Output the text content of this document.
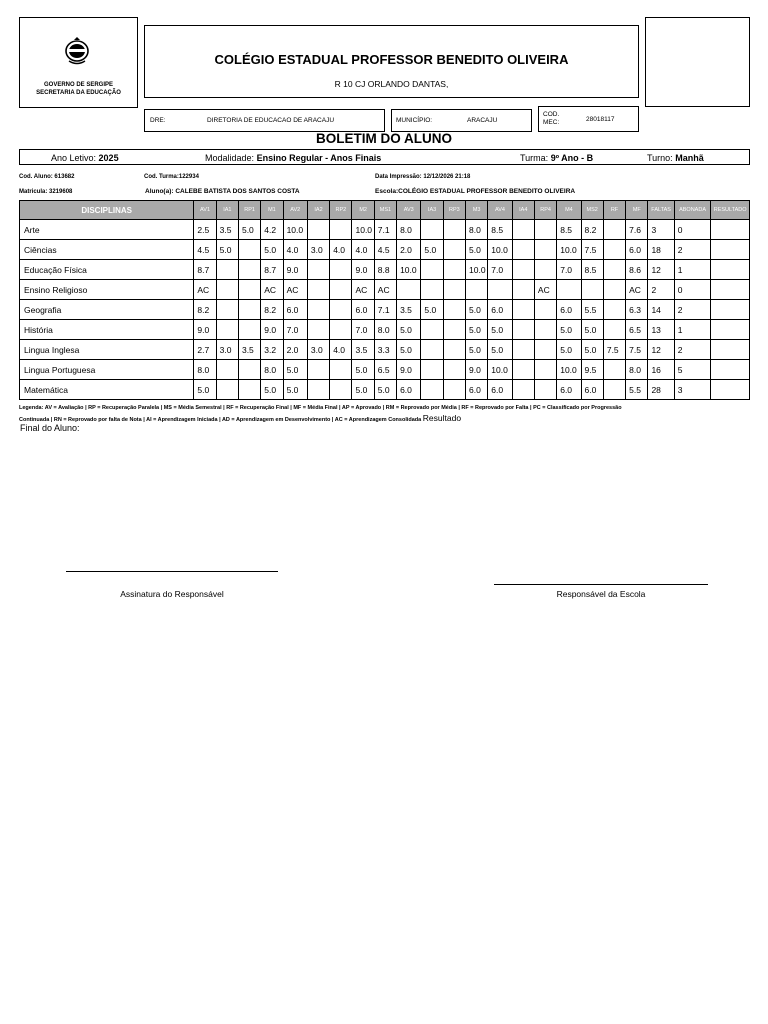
GOVERNO DE SERGIPE
SECRETARIA DA EDUCAÇÃO
COLÉGIO ESTADUAL PROFESSOR BENEDITO OLIVEIRA
R 10 CJ ORLANDO DANTAS,
DRE:	DIRETORIA DE EDUCACAO DE ARACAJU	MUNICÍPIO:	ARACAJU
COD.
MEC:	28018117
BOLETIM DO ALUNO
Ano Letivo: 2025	Modalidade: Ensino Regular - Anos Finais	Turma: 9º Ano - B	Turno: Manhã
Cod. Aluno: 613682	Cod. Turma:122934	Data Impressão: 12/12/2026 21:18
Matricula: 3219608	Aluno(a): CALEBE BATISTA DOS SANTOS COSTA	Escola:COLÉGIO ESTADUAL PROFESSOR BENEDITO OLIVEIRA
DISCIPLINAS	AV1	IA1	RP1	M1	AV2	IA2	RP2	M2	MS1	AV3	IA3	RP3	M3	AV4	IA4	RP4	M4	MS2	RF	MF	FALTAS	ABONADA	RESULTADO
Arte	2.5	3.5	5.0	4.2	10.0			10.0	7.1	8.0			8.0	8.5			8.5	8.2		7.6	3	0	
Ciências	4.5	5.0		5.0	4.0	3.0	4.0	4.0	4.5	2.0	5.0		5.0	10.0			10.0	7.5		6.0	18	2	
Educação Física	8.7			8.7	9.0			9.0	8.8	10.0			10.0	7.0			7.0	8.5		8.6	12	1	
Ensino Religioso	AC			AC	AC			AC	AC							AC				AC	2	0	
Geografia	8.2			8.2	6.0			6.0	7.1	3.5	5.0		5.0	6.0			6.0	5.5		6.3	14	2	
História	9.0			9.0	7.0			7.0	8.0	5.0			5.0	5.0			5.0	5.0		6.5	13	1	
Lingua Inglesa	2.7	3.0	3.5	3.2	2.0	3.0	4.0	3.5	3.3	5.0			5.0	5.0			5.0	5.0	7.5	7.5	12	2	
Lingua Portuguesa	8.0			8.0	5.0			5.0	6.5	9.0			9.0	10.0			10.0	9.5		8.0	16	5	
Matemática	5.0			5.0	5.0			5.0	5.0	6.0			6.0	6.0			6.0	6.0		5.5	28	3	
Legenda: AV = Avaliação | RP = Recuperação Paralela | MS = Média Semestral | RF = Recuperação Final | MF = Média Final | AP = Aprovado | RM = Reprovado por Média | RF = Reprovado por Falta | PC = Classificado por Progressão
Continuada | RN = Reprovado por falta de Nota | AI = Aprendizagem Iniciada | AD = Aprendizagem em Desenvolvimento | AC = Aprendizagem Consolidada Resultado
Final do Aluno:
Assinatura do Responsável	Responsável da Escola
